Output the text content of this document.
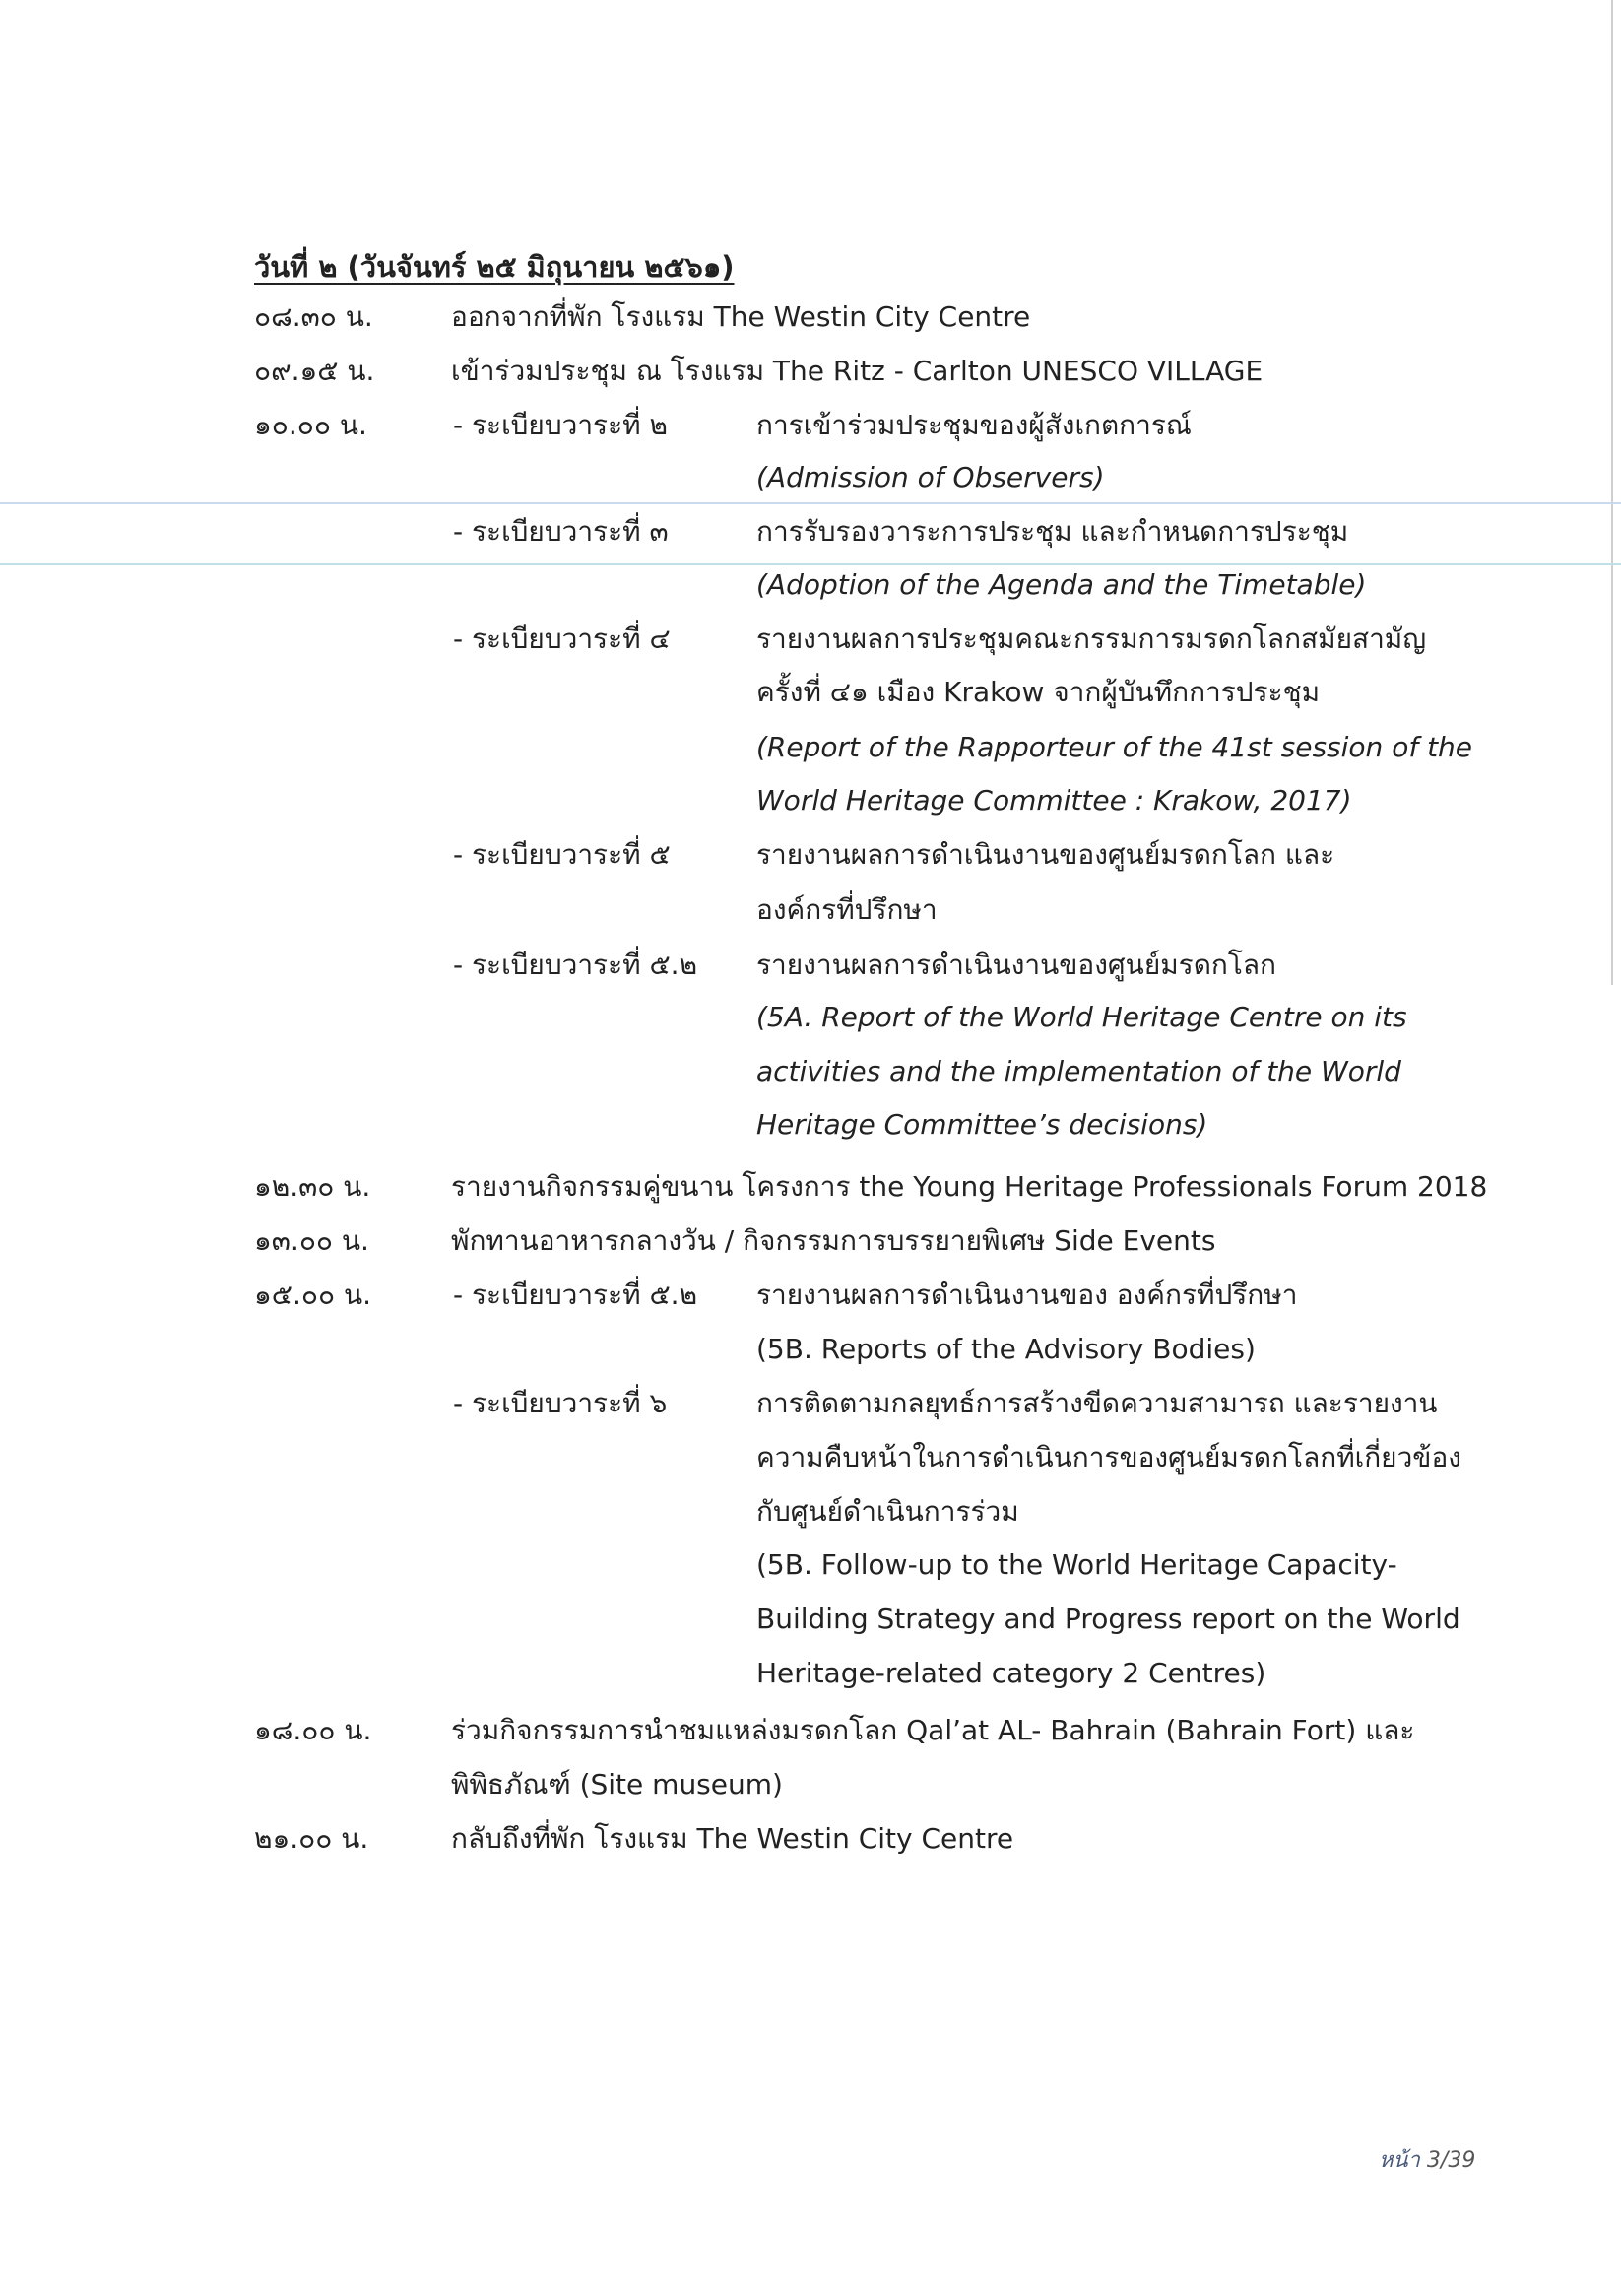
วันที่ ๒ (วันจันทร์ ๒๕ มิถุนายน ๒๕๖๑)
๐๘.๓๐ น.	ออกจากที่พัก โรงแรม The Westin City Centre
๐๙.๑๕ น.	เข้าร่วมประชุม ณ โรงแรม The Ritz - Carlton UNESCO VILLAGE
๑๐.๐๐ น.	- ระเบียบวาระที่ ๒	การเข้าร่วมประชุมของผู้สังเกตการณ์
(Admission of Observers)
- ระเบียบวาระที่ ๓	การรับรองวาระการประชุม และกำหนดการประชุม
(Adoption of the Agenda and the Timetable)
- ระเบียบวาระที่ ๔	รายงานผลการประชุมคณะกรรมการมรดกโลกสมัยสามัญ
ครั้งที่ ๔๑ เมือง Krakow จากผู้บันทึกการประชุม
(Report of the Rapporteur of the 41st session of the
World Heritage Committee : Krakow, 2017)
- ระเบียบวาระที่ ๕	รายงานผลการดำเนินงานของศูนย์มรดกโลก และ
องค์กรที่ปรึกษา
- ระเบียบวาระที่ ๕.๒ รายงานผลการดำเนินงานของศูนย์มรดกโลก
(5A. Report of the World Heritage Centre on its
activities and the implementation of the World
Heritage Committee’s decisions)
๑๒.๓๐ น.	รายงานกิจกรรมคู่ขนาน โครงการ the Young Heritage Professionals Forum 2018
๑๓.๐๐ น.	พักทานอาหารกลางวัน / กิจกรรมการบรรยายพิเศษ Side Events
๑๕.๐๐ น.	- ระเบียบวาระที่ ๕.๒ รายงานผลการดำเนินงานของ องค์กรที่ปรึกษา
(5B. Reports of the Advisory Bodies)
- ระเบียบวาระที่ ๖	การติดตามกลยุทธ์การสร้างขีดความสามารถ และรายงาน
ความคืบหน้าในการดำเนินการของศูนย์มรดกโลกที่เกี่ยวข้อง
กับศูนย์ดำเนินการร่วม
(5B. Follow-up to the World Heritage Capacity-
Building Strategy and Progress report on the World
Heritage-related category 2 Centres)
๑๘.๐๐ น.	ร่วมกิจกรรมการนำชมแหล่งมรดกโลก Qal’at AL- Bahrain (Bahrain Fort) และ
พิพิธภัณฑ์ (Site museum)
๒๑.๐๐ น.	กลับถึงที่พัก โรงแรม The Westin City Centre
หน้า 3/39
